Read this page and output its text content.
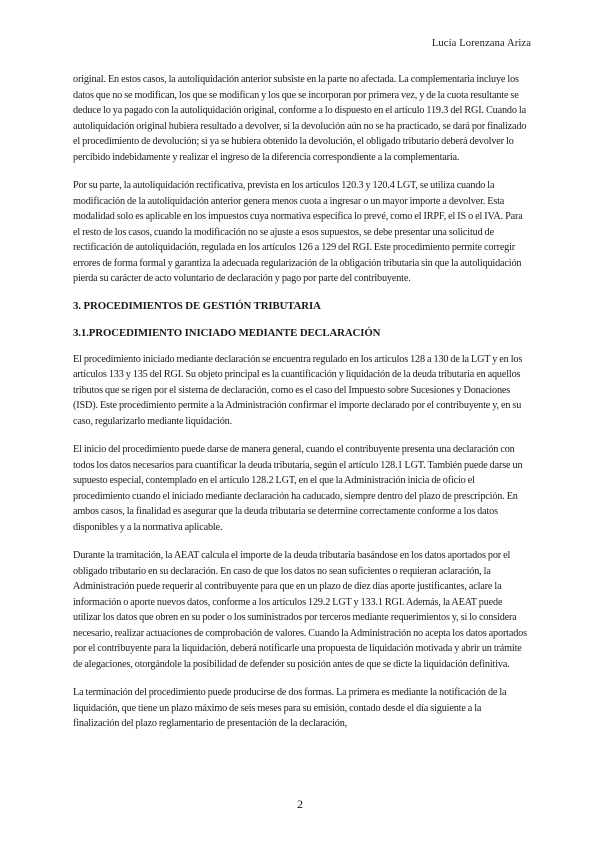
Lucía Lorenzana Ariza

original. En estos casos, la autoliquidación anterior subsiste en la parte no afectada. La complementaria incluye los datos que no se modifican, los que se modifican y los que se incorporan por primera vez, y de la cuota resultante se deduce lo ya pagado con la autoliquidación original, conforme a lo dispuesto en el artículo 119.3 del RGI. Cuando la autoliquidación original hubiera resultado a devolver, si la devolución aún no se ha practicado, se dará por finalizado el procedimiento de devolución; si ya se hubiera obtenido la devolución, el obligado tributario deberá devolver lo percibido indebidamente y realizar el ingreso de la diferencia correspondiente a la complementaria.

Por su parte, la autoliquidación rectificativa, prevista en los artículos 120.3 y 120.4 LGT, se utiliza cuando la modificación de la autoliquidación anterior genera menos cuota a ingresar o un mayor importe a devolver. Esta modalidad solo es aplicable en los impuestos cuya normativa específica lo prevé, como el IRPF, el IS o el IVA. Para el resto de los casos, cuando la modificación no se ajuste a esos supuestos, se debe presentar una solicitud de rectificación de autoliquidación, regulada en los artículos 126 a 129 del RGI. Este procedimiento permite corregir errores de forma formal y garantiza la adecuada regularización de la obligación tributaria sin que la autoliquidación pierda su carácter de acto voluntario de declaración y pago por parte del contribuyente.

3. PROCEDIMIENTOS DE GESTIÓN TRIBUTARIA
3.1.PROCEDIMIENTO INICIADO MEDIANTE DECLARACIÓN

El procedimiento iniciado mediante declaración se encuentra regulado en los artículos 128 a 130 de la LGT y en los artículos 133 y 135 del RGI. Su objeto principal es la cuantificación y liquidación de la deuda tributaria en aquellos tributos que se rigen por el sistema de declaración, como es el caso del Impuesto sobre Sucesiones y Donaciones (ISD). Este procedimiento permite a la Administración confirmar el importe declarado por el contribuyente y, en su caso, regularizarlo mediante liquidación.

El inicio del procedimiento puede darse de manera general, cuando el contribuyente presenta una declaración con todos los datos necesarios para cuantificar la deuda tributaria, según el artículo 128.1 LGT. También puede darse un supuesto especial, contemplado en el artículo 128.2 LGT, en el que la Administración inicia de oficio el procedimiento cuando el iniciado mediante declaración ha caducado, siempre dentro del plazo de prescripción. En ambos casos, la finalidad es asegurar que la deuda tributaria se determine correctamente conforme a los datos disponibles y a la normativa aplicable.

Durante la tramitación, la AEAT calcula el importe de la deuda tributaria basándose en los datos aportados por el obligado tributario en su declaración. En caso de que los datos no sean suficientes o requieran aclaración, la Administración puede requerir al contribuyente para que en un plazo de diez días aporte justificantes, aclare la información o aporte nuevos datos, conforme a los artículos 129.2 LGT y 133.1 RGI. Además, la AEAT puede utilizar los datos que obren en su poder o los suministrados por terceros mediante requerimientos y, si lo considera necesario, realizar actuaciones de comprobación de valores. Cuando la Administración no acepta los datos aportados por el contribuyente para la liquidación, deberá notificarle una propuesta de liquidación motivada y abrir un trámite de alegaciones, otorgándole la posibilidad de defender su posición antes de que se dicte la liquidación definitiva.

La terminación del procedimiento puede producirse de dos formas. La primera es mediante la notificación de la liquidación, que tiene un plazo máximo de seis meses para su emisión, contado desde el día siguiente a la finalización del plazo reglamentario de presentación de la declaración,

2
